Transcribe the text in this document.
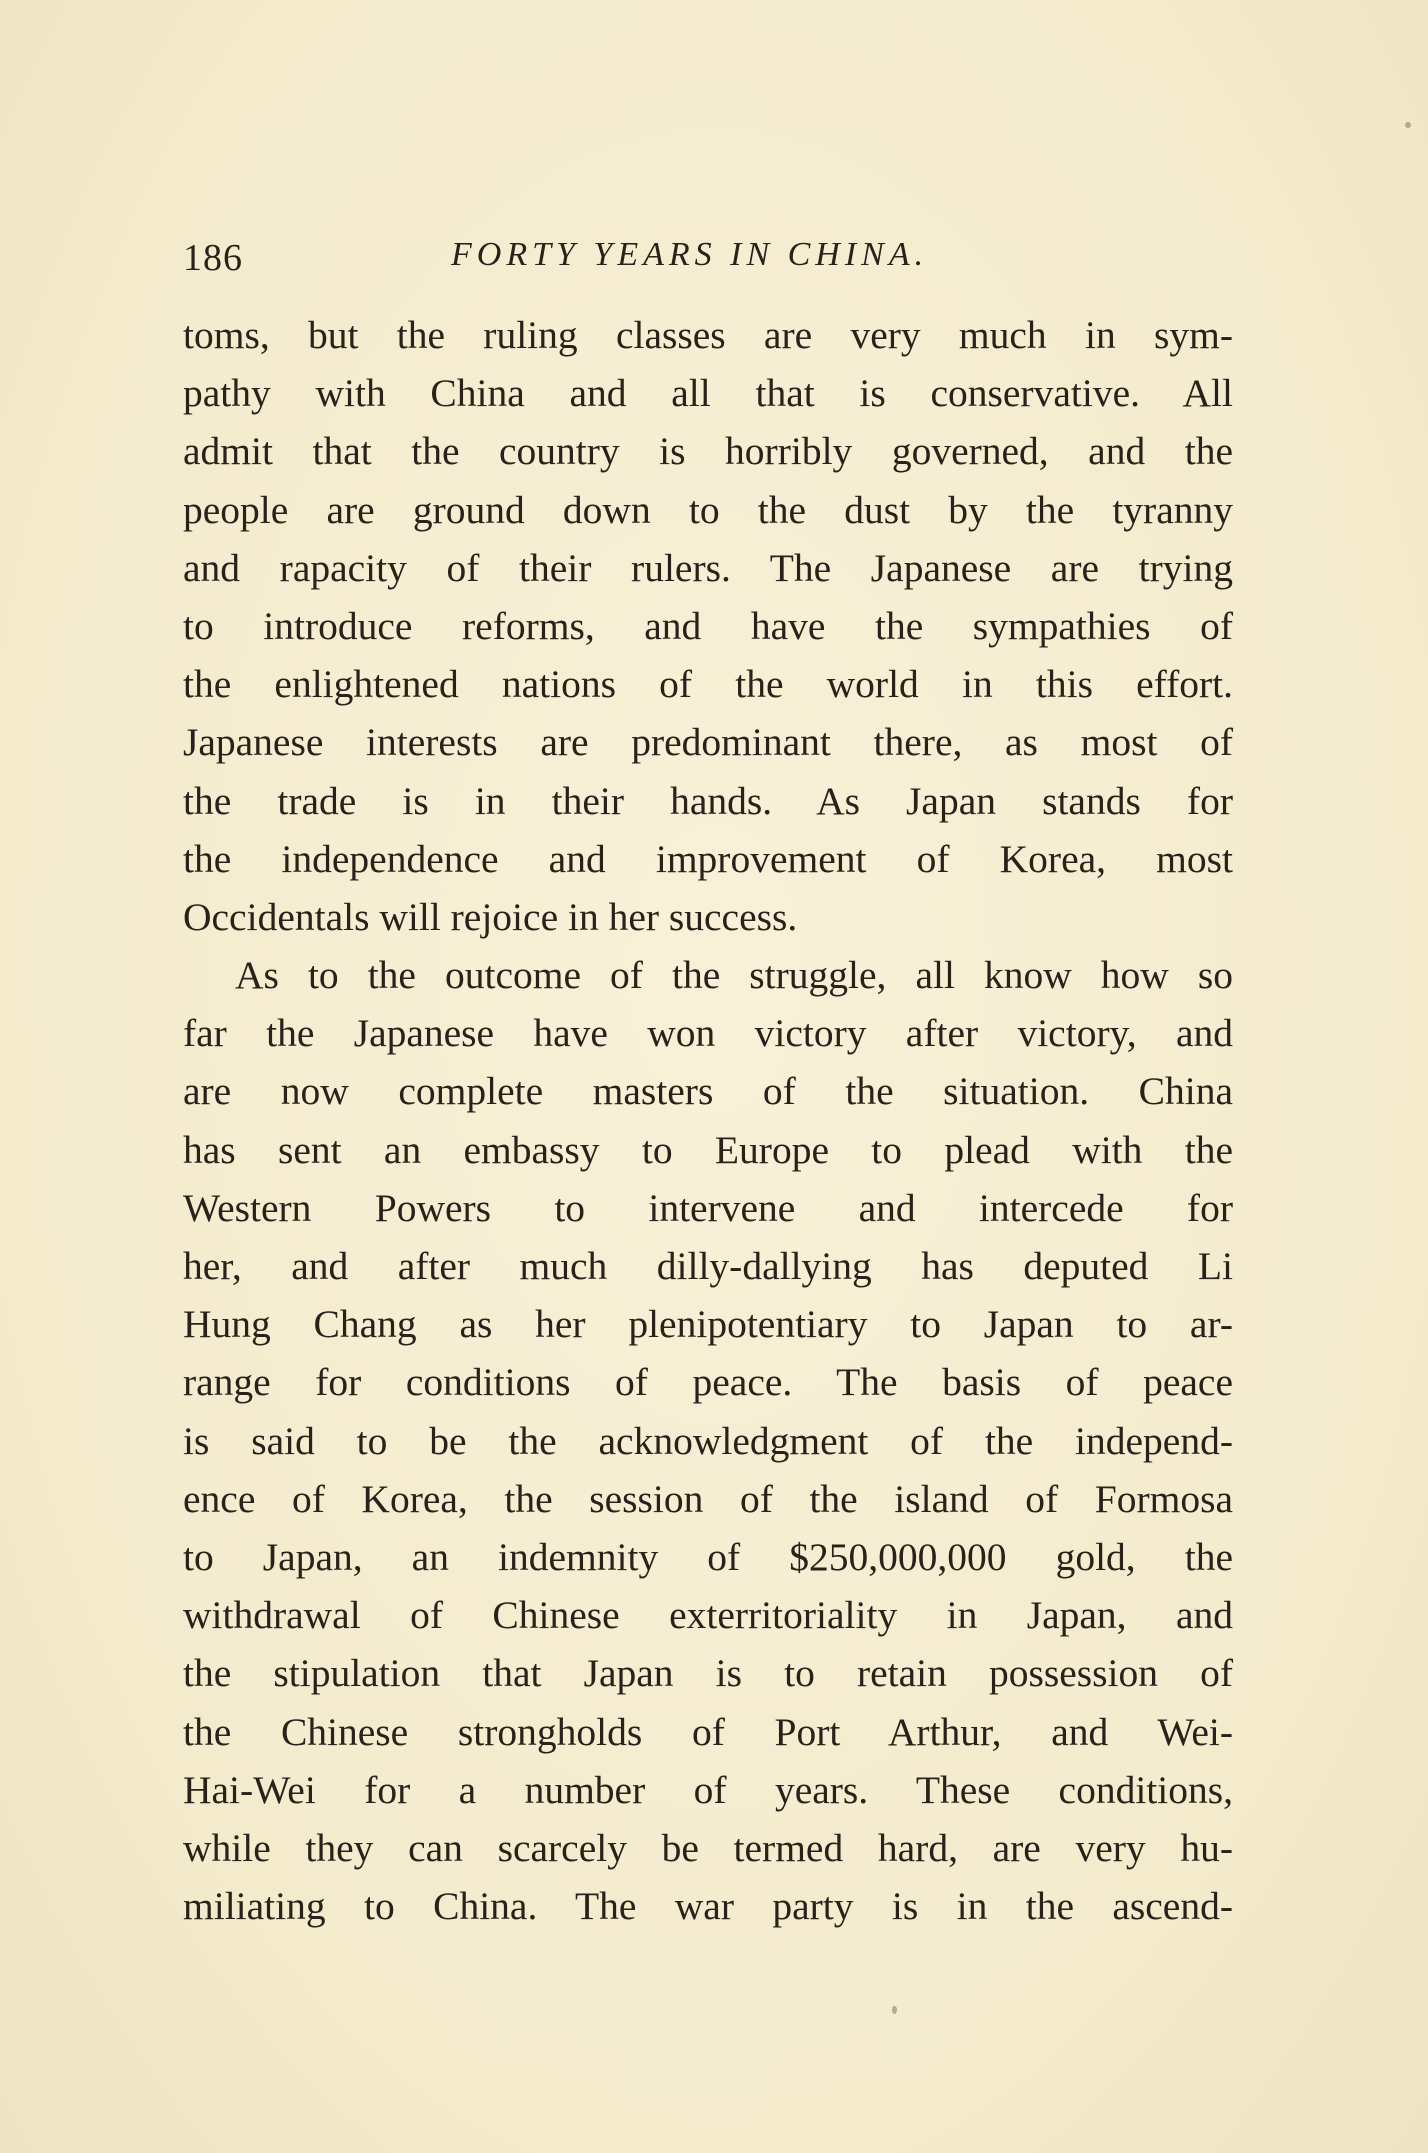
186	FORTY YEARS IN CHINA.
toms, but the ruling classes are very much in sym-
pathy with China and all that is conservative. All
admit that the country is horribly governed, and the
people are ground down to the dust by the tyranny
and rapacity of their rulers. The Japanese are trying
to introduce reforms, and have the sympathies of
the enlightened nations of the world in this effort.
Japanese interests are predominant there, as most of
the trade is in their hands. As Japan stands for
the independence and improvement of Korea, most
Occidentals will rejoice in her success.
As to the outcome of the struggle, all know how so
far the Japanese have won victory after victory, and
are now complete masters of the situation. China
has sent an embassy to Europe to plead with the
Western Powers to intervene and intercede for
her, and after much dilly-dallying has deputed Li
Hung Chang as her plenipotentiary to Japan to ar-
range for conditions of peace. The basis of peace
is said to be the acknowledgment of the independ-
ence of Korea, the session of the island of Formosa
to Japan, an indemnity of $250,000,000 gold, the
withdrawal of Chinese exterritoriality in Japan, and
the stipulation that Japan is to retain possession of
the Chinese strongholds of Port Arthur, and Wei-
Hai-Wei for a number of years. These conditions,
while they can scarcely be termed hard, are very hu-
miliating to China. The war party is in the ascend-
